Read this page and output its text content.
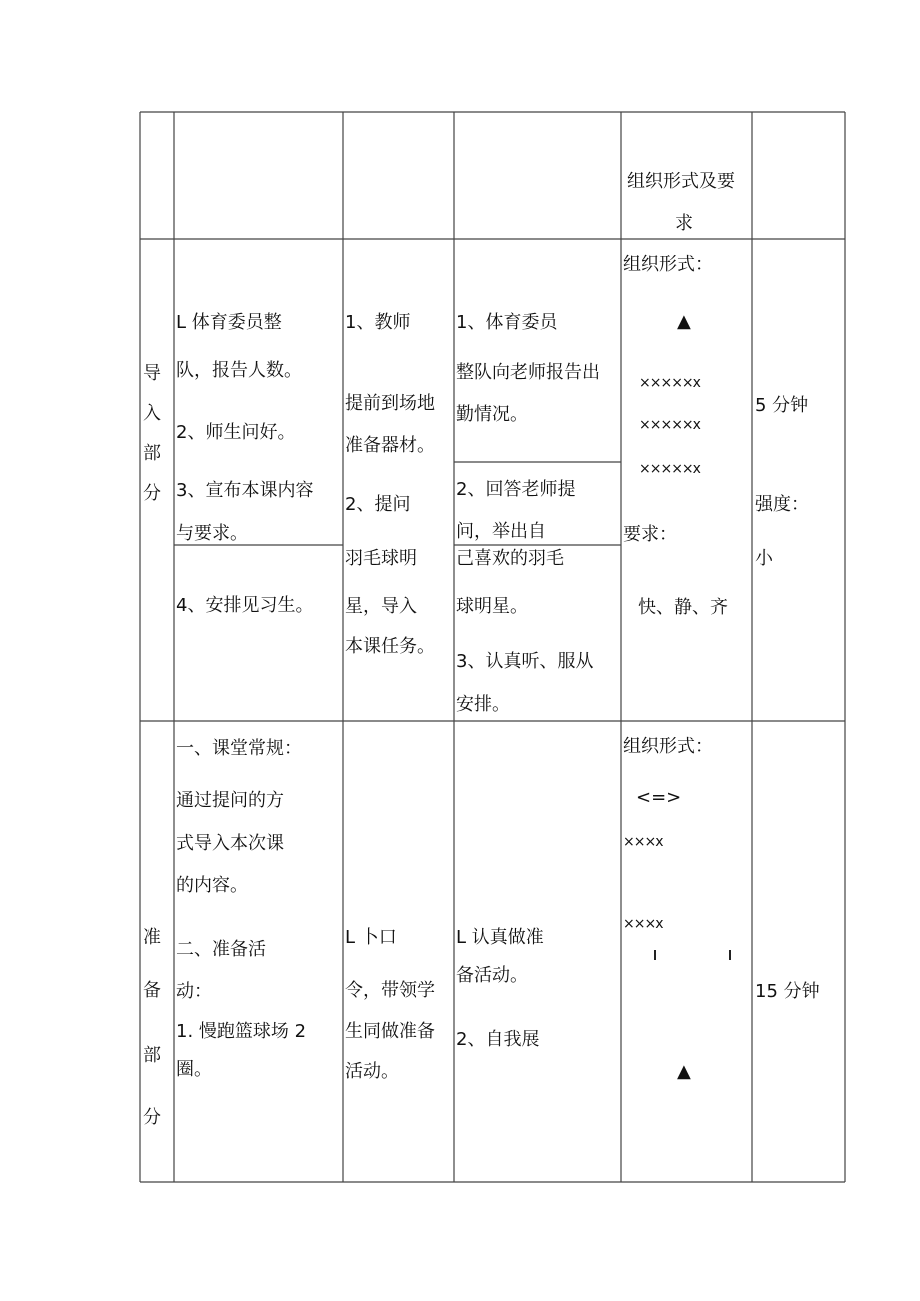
组织形式及要
求
导
入
部
分
L 体育委员整
队，报告人数。
2、师生问好。
3、宣布本课内容
与要求。
4、安排见习生。
1、教师
提前到场地
准备器材。
2、提问
羽毛球明
星，导入
本课任务。
1、体育委员
整队向老师报告出
勤情况。
2、回答老师提
问，举出自
己喜欢的羽毛
球明星。
3、认真听、服从
安排。
组织形式：
▲
×××××x
×××××x
×××××x
要求：
快、静、齐
5 分钟
强度：
小
准
备
部
分
一、课堂常规：
通过提问的方
式导入本次课
的内容。
二、准备活
动：
1. 慢跑篮球场 2
圈。
L 卜口
令，带领学
生同做准备
活动。
L 认真做准
备活动。
2、自我展
组织形式：
<=>
×××x
×××x
▲
15 分钟
